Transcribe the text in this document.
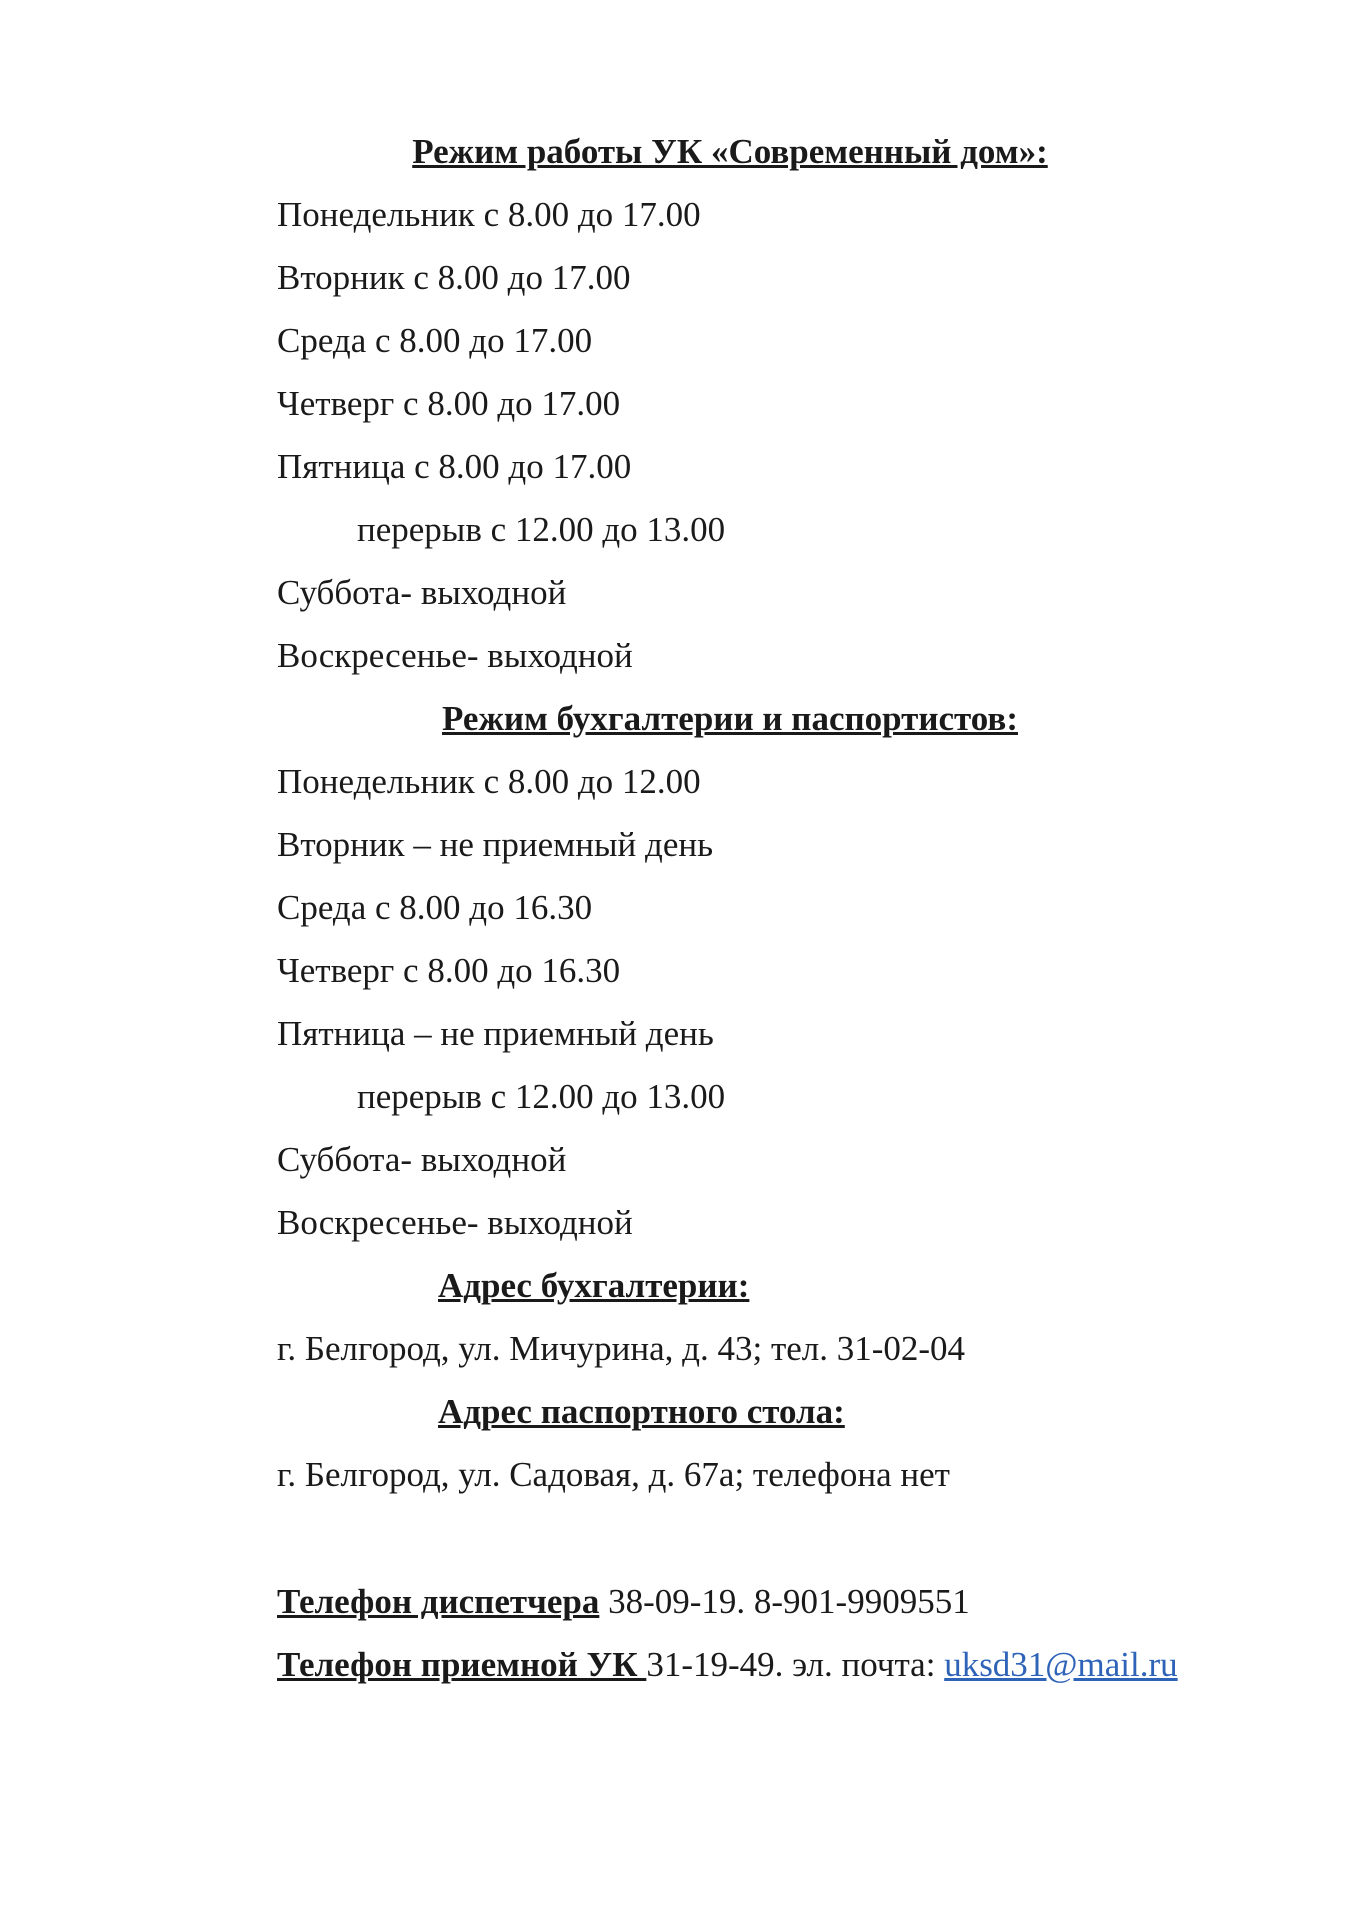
Режим работы УК «Современный дом»:
Понедельник с 8.00 до 17.00
Вторник с 8.00 до 17.00
Среда с 8.00 до 17.00
Четверг с 8.00 до 17.00
Пятница с 8.00 до 17.00
перерыв с 12.00 до 13.00
Суббота- выходной
Воскресенье- выходной
Режим бухгалтерии и паспортистов:
Понедельник с 8.00 до 12.00
Вторник – не приемный день
Среда с 8.00 до 16.30
Четверг с 8.00 до 16.30
Пятница – не приемный день
перерыв с 12.00 до 13.00
Суббота- выходной
Воскресенье- выходной
Адрес бухгалтерии:
г. Белгород, ул. Мичурина, д. 43; тел. 31-02-04
Адрес паспортного стола:
г. Белгород, ул. Садовая, д. 67а; телефона нет
Телефон диспетчера 38-09-19. 8-901-9909551
Телефон приемной УК 31-19-49. эл. почта: uksd31@mail.ru
